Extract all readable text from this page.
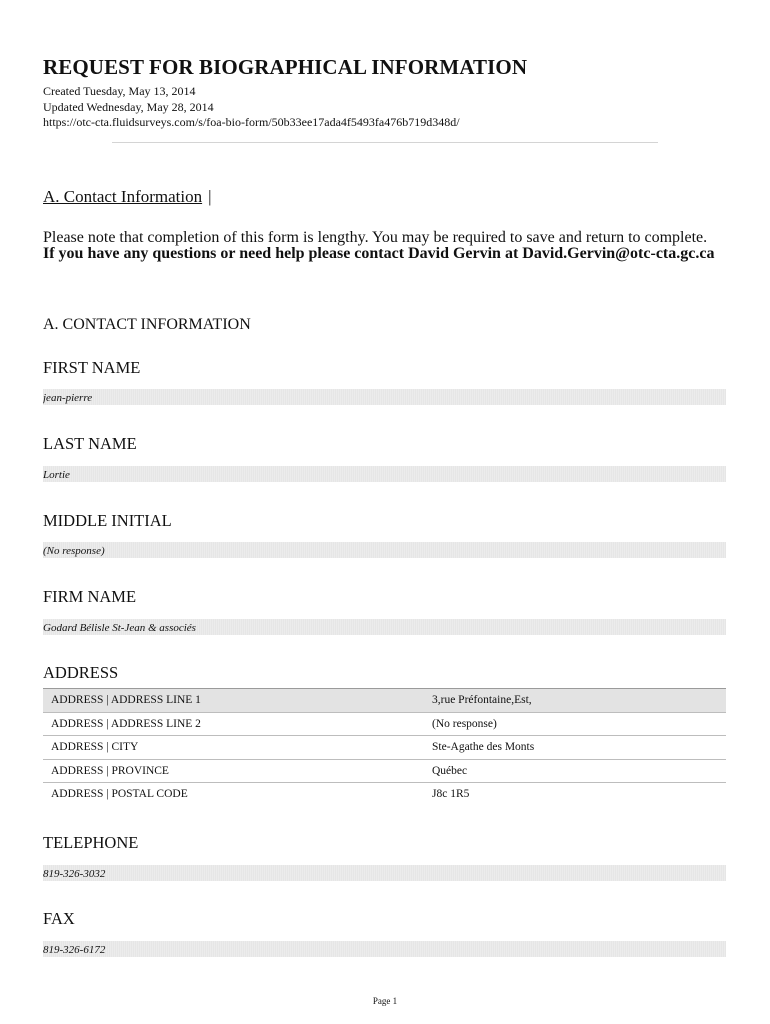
REQUEST FOR BIOGRAPHICAL INFORMATION
Created Tuesday, May 13, 2014
Updated Wednesday, May 28, 2014
https://otc-cta.fluidsurveys.com/s/foa-bio-form/50b33ee17ada4f5493fa476b719d348d/
A. Contact Information |
Please note that completion of this form is lengthy. You may be required to save and return to complete.
If you have any questions or need help please contact David Gervin at David.Gervin@otc-cta.gc.ca
A. CONTACT INFORMATION
FIRST NAME
jean-pierre
LAST NAME
Lortie
MIDDLE INITIAL
(No response)
FIRM NAME
Godard Bélisle St-Jean & associés
ADDRESS
ADDRESS | ADDRESS LINE 1	3,rue Préfontaine,Est,
ADDRESS | ADDRESS LINE 2	(No response)
ADDRESS | CITY	Ste-Agathe des Monts
ADDRESS | PROVINCE	Québec
ADDRESS | POSTAL CODE	J8c 1R5
TELEPHONE
819-326-3032
FAX
819-326-6172
Page 1
